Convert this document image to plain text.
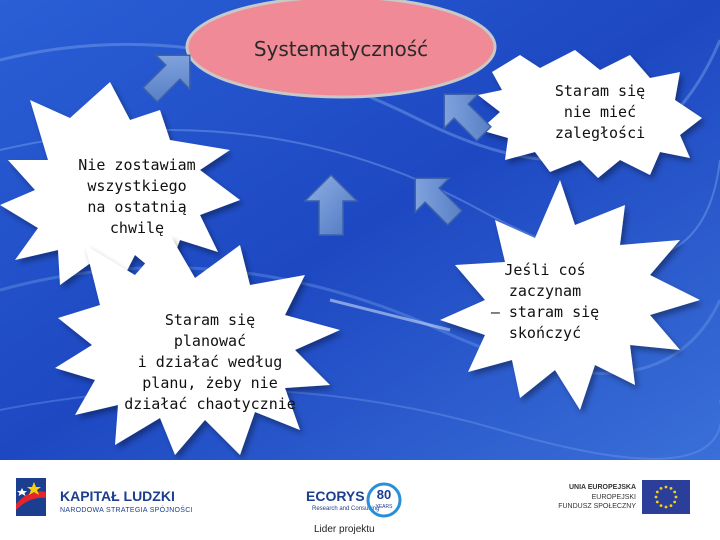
Systematyczność
Staram się
nie mieć
zaległości
Nie zostawiam
wszystkiego
na ostatnią
chwilę
Staram się
planować
i działać według
planu, żeby nie
działać chaotycznie
Jeśli coś
zaczynam
– staram się
skończyć
KAPITAŁ LUDZKI
NARODOWA STRATEGIA SPÓJNOŚCI
ECORYS
Research and Consulting
80
YEARS
Lider projektu
UNIA EUROPEJSKA
EUROPEJSKI
FUNDUSZ SPOŁECZNY
